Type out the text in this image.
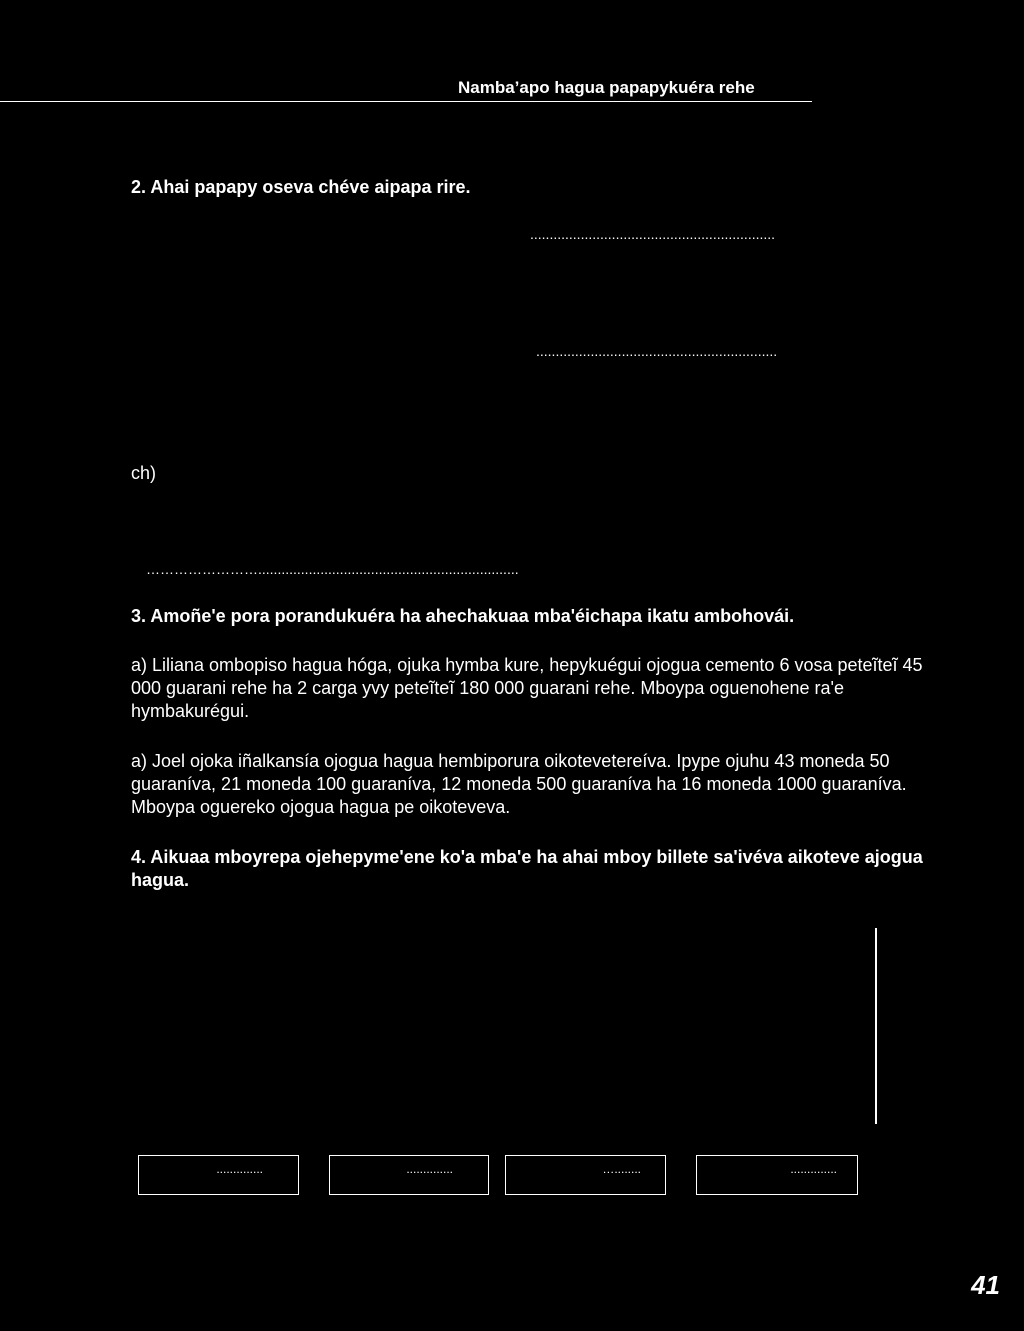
Namba’apo hagua papapykuéra rehe
2. Ahai papapy oseva chéve aipapa rire.
...............................................................
..............................................................
ch)
……………………...................................................................
3. Amoñe'e pora porandukuéra ha ahechakuaa mba'éichapa ikatu ambohovái.
a) Liliana ombopiso hagua hóga, ojuka hymba kure, hepykuégui ojogua cemento 6 vosa peteĩteĩ 45 000 guarani rehe ha 2 carga yvy peteĩteĩ 180 000 guarani rehe. Mboypa oguenohene ra'e hymbakurégui.
a) Joel ojoka iñalkansía ojogua hagua hembiporura oikotevetereíva. Ipype ojuhu 43 moneda 50 guaraníva, 21 moneda 100 guaraníva, 12 moneda 500 guaraníva ha 16 moneda 1000 guaraníva. Mboypa oguereko ojogua hagua pe oikoteveva.
4. Aikuaa mboyrepa ojehepyme'ene ko'a mba'e ha ahai mboy billete sa'ivéva aikoteve ajogua hagua.
..............	..............	…........	..............
41
